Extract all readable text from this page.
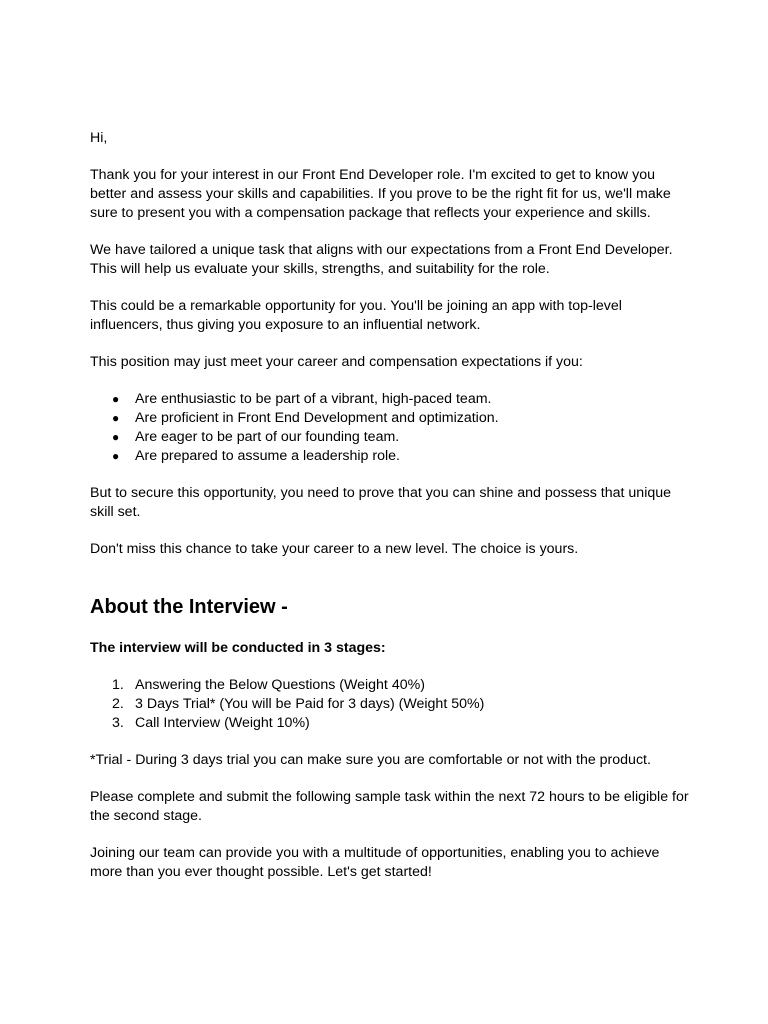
Hi,

Thank you for your interest in our Front End Developer role. I'm excited to get to know you
better and assess your skills and capabilities. If you prove to be the right fit for us, we'll make
sure to present you with a compensation package that reflects your experience and skills.

We have tailored a unique task that aligns with our expectations from a Front End Developer.
This will help us evaluate your skills, strengths, and suitability for the role.

This could be a remarkable opportunity for you. You'll be joining an app with top-level
influencers, thus giving you exposure to an influential network.

This position may just meet your career and compensation expectations if you:

● Are enthusiastic to be part of a vibrant, high-paced team.
● Are proficient in Front End Development and optimization.
● Are eager to be part of our founding team.
● Are prepared to assume a leadership role.

But to secure this opportunity, you need to prove that you can shine and possess that unique
skill set.

Don't miss this chance to take your career to a new level. The choice is yours.

About the Interview -

The interview will be conducted in 3 stages:

1. Answering the Below Questions (Weight 40%)
2. 3 Days Trial* (You will be Paid for 3 days) (Weight 50%)
3. Call Interview (Weight 10%)

*Trial - During 3 days trial you can make sure you are comfortable or not with the product.

Please complete and submit the following sample task within the next 72 hours to be eligible for
the second stage.

Joining our team can provide you with a multitude of opportunities, enabling you to achieve
more than you ever thought possible. Let's get started!
